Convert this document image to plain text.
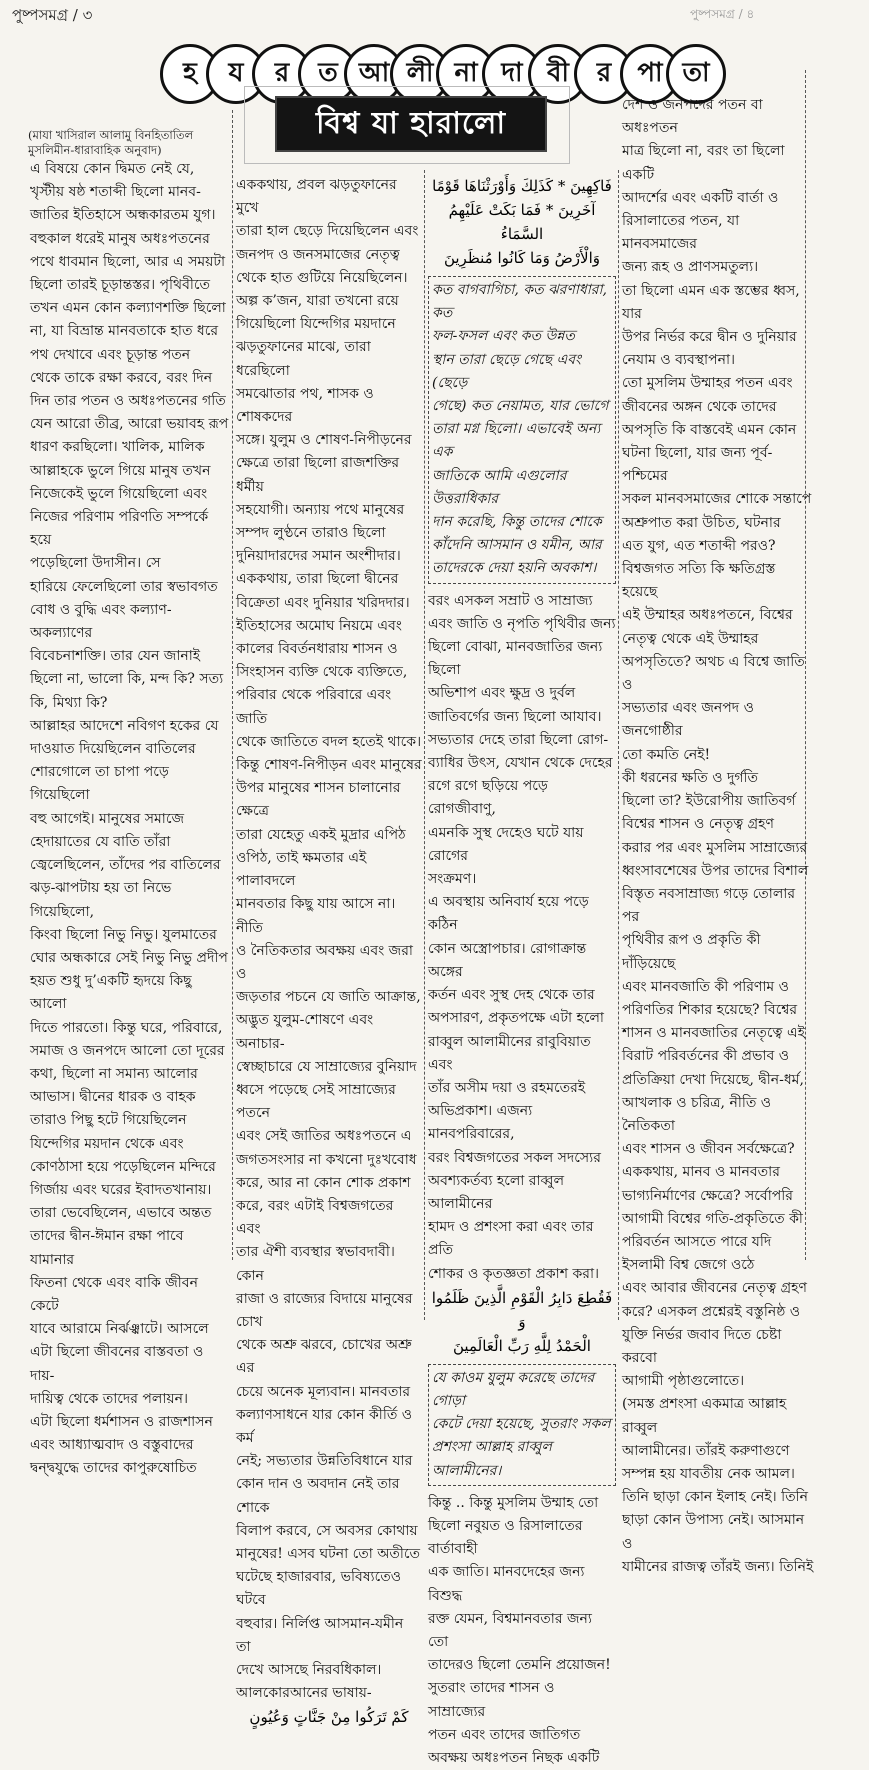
পুষ্পসমগ্র / ৩	পুষ্পসমগ্র / ৪
হ	য	র	ত আ লী না দা বী	র	পা তা
বিশ্ব যা হারালো
(মাযা খাসিরাল আলামু বিনহিতাতিল
মুসলিমীন-ধারাবাহিক অনুবাদ)

এ বিষয়ে কোন দ্বিমত নেই যে,
খৃস্টীয় ষষ্ঠ শতাব্দী ছিলো মানব-
জাতির ইতিহাসে অন্ধকারতম যুগ।
বহুকাল ধরেই মানুষ অধঃপতনের
পথে ধাবমান ছিলো, আর এ সময়টা
ছিলো তারই চূড়ান্তস্তর। পৃথিবীতে
তখন এমন কোন কল্যাণশক্তি ছিলো
না, যা বিভ্রান্ত মানবতাকে হাত ধরে
পথ দেখাবে এবং চূড়ান্ত পতন
থেকে তাকে রক্ষা করবে, বরং দিন
দিন তার পতন ও অধঃপতনের গতি
যেন আরো তীব্র, আরো ভয়াবহ রূপ
ধারণ করছিলো। খালিক, মালিক
আল্লাহকে ভুলে গিয়ে মানুষ তখন
নিজেকেই ভুলে গিয়েছিলো এবং
নিজের পরিণাম পরিণতি সম্পর্কে হয়ে
পড়েছিলো উদাসীন। সে
হারিয়ে ফেলেছিলো তার স্বভাবগত
বোধ ও বুদ্ধি এবং কল্যাণ-অকল্যাণের
বিবেচনাশক্তি। তার যেন জানাই
ছিলো না, ভালো কি, মন্দ কি? সত্য
কি, মিথ্যা কি?
আল্লাহর আদেশে নবিগণ হকের যে
দাওয়াত দিয়েছিলেন বাতিলের
শোরগোলে তা চাপা পড়ে গিয়েছিলো
বহু আগেই। মানুষের সমাজে
হেদায়াতের যে বাতি তাঁরা
জ্বেলেছিলেন, তাঁদের পর বাতিলের
ঝড়-ঝাপটায় হয় তা নিভে গিয়েছিলো,
কিংবা ছিলো নিভু নিভু। যুলমাতের
ঘোর অন্ধকারে সেই নিভু নিভু প্রদীপ
হয়ত শুধু দু’একটি হৃদয়ে কিছু আলো
দিতে পারতো। কিন্তু ঘরে, পরিবারে,
সমাজ ও জনপদে আলো তো দূরের
কথা, ছিলো না সমান্য আলোর
আভাস। দ্বীনের ধারক ও বাহক
তারাও পিছু হটে গিয়েছিলেন
যিন্দেগির ময়দান থেকে এবং
কোণঠাসা হয়ে পড়েছিলেন মন্দিরে
গির্জায় এবং ঘরের ইবাদতখানায়।
তারা ভেবেছিলেন, এভাবে অন্তত
তাদের দ্বীন-ঈমান রক্ষা পাবে যামানার
ফিতনা থেকে এবং বাকি জীবন কেটে
যাবে আরামে নির্ঝঞ্ঝাটে। আসলে
এটা ছিলো জীবনের বাস্তবতা ও দায়-
দায়িত্ব থেকে তাদের পলায়ন।
এটা ছিলো ধর্মশাসন ও রাজশাসন
এবং আধ্যাত্মবাদ ও বস্তুবাদের
দ্বন্দ্বযুদ্ধে তাদের কাপুরুষোচিত

এককথায়, প্রবল ঝড়তুফানের মুখে
তারা হাল ছেড়ে দিয়েছিলেন এবং
জনপদ ও জনসমাজের নেতৃত্ব
থেকে হাত গুটিয়ে নিয়েছিলেন।
অল্প ক’জন, যারা তখনো রয়ে
গিয়েছিলো যিন্দেগির ময়দানে
ঝড়তুফানের মাঝে, তারা ধরেছিলো
সমঝোতার পথ, শাসক ও শোষকদের
সঙ্গে। যুলুম ও শোষণ-নিপীড়নের
ক্ষেত্রে তারা ছিলো রাজশক্তির ধর্মীয়
সহযোগী। অন্যায় পথে মানুষের
সম্পদ লুণ্ঠনে তারাও ছিলো
দুনিয়াদারদের সমান অংশীদার।
এককথায়, তারা ছিলো দ্বীনের
বিক্রেতা এবং দুনিয়ার খরিদদার।
ইতিহাসের অমোঘ নিয়মে এবং
কালের বিবর্তনধারায় শাসন ও
সিংহাসন ব্যক্তি থেকে ব্যক্তিতে,
পরিবার থেকে পরিবারে এবং জাতি
থেকে জাতিতে বদল হতেই থাকে।
কিন্তু শোষণ-নিপীড়ন এবং মানুষের
উপর মানুষের শাসন চালানোর ক্ষেত্রে
তারা যেহেতু একই মুদ্রার এপিঠ
ওপিঠ, তাই ক্ষমতার এই পালাবদলে
মানবতার কিছু যায় আসে না। নীতি
ও নৈতিকতার অবক্ষয় এবং জরা ও
জড়তার পচনে যে জাতি আক্রান্ত,
অদ্ভুত যুলুম-শোষণে এবং অনাচার-
স্বেচ্ছাচারে যে সাম্রাজ্যের বুনিয়াদ
ধ্বসে পড়েছে সেই সাম্রাজ্যের পতনে
এবং সেই জাতির অধঃপতনে এ
জগতসংসার না কখনো দুঃখবোধ
করে, আর না কোন শোক প্রকাশ
করে, বরং এটাই বিশ্বজগতের এবং
তার ঐশী ব্যবস্থার স্বভাবদাবী। কোন
রাজা ও রাজ্যের বিদায়ে মানুষের চোখ
থেকে অশ্রু ঝরবে, চোখের অশ্রু এর
চেয়ে অনেক মূল্যবান। মানবতার
কল্যাণসাধনে যার কোন কীর্তি ও কর্ম
নেই; সভ্যতার উন্নতিবিধানে যার
কোন দান ও অবদান নেই তার শোকে
বিলাপ করবে, সে অবসর কোথায়
মানুষের! এসব ঘটনা তো অতীতে
ঘটেছে হাজারবার, ভবিষ্যতেও ঘটবে
বহুবার। নির্লিপ্ত আসমান-যমীন তা
দেখে আসছে নিরবধিকাল।
আলকোরআনের ভাষায়-

كَمْ تَرَكُوا مِنْ جَنَّاتٍ وَعُيُونٍ

فَاكِهِينَ * كَذَلِكَ وَأَوْرَثْنَاهَا قَوْمًا
آخَرِينَ * فَمَا بَكَتْ عَلَيْهِمُ السَّمَاءُ
وَالْأَرْضُ وَمَا كَانُوا مُنظَرِينَ

কত বাগবাগিচা, কত ঝরণাধারা, কত
ফল-ফসল এবং কত উন্নত
স্থান তারা ছেড়ে গেছে এবং (ছেড়ে
গেছে) কত নেয়ামত, যার ভোগে
তারা মগ্ন ছিলো। এভাবেই অন্য এক
জাতিকে আমি এগুলোর উত্তরাধিকার
দান করেছি, কিন্তু তাদের শোকে
কাঁদেনি আসমান ও যমীন, আর
তাদেরকে দেয়া হয়নি অবকাশ।

বরং এসকল সম্রাট ও সাম্রাজ্য
এবং জাতি ও নৃপতি পৃথিবীর জন্য
ছিলো বোঝা, মানবজাতির জন্য ছিলো
অভিশাপ এবং ক্ষুদ্র ও দুর্বল
জাতিবর্গের জন্য ছিলো আযাব।
সভ্যতার দেহে তারা ছিলো রোগ-
ব্যাধির উৎস, যেখান থেকে দেহের
রগে রগে ছড়িয়ে পড়ে রোগজীবাণু,
এমনকি সুস্থ দেহেও ঘটে যায় রোগের
সংক্রমণ।
এ অবস্থায় অনিবার্য হয়ে পড়ে কঠিন
কোন অস্ত্রোপচার। রোগাক্রান্ত অঙ্গের
কর্তন এবং সুস্থ দেহ থেকে তার
অপসারণ, প্রকৃতপক্ষে এটা হলো
রাব্বুল আলামীনের রাবুবিয়াত এবং
তাঁর অসীম দয়া ও রহমতেরই
অভিপ্রকাশ। এজন্য মানবপরিবারের,
বরং বিশ্বজগতের সকল সদস্যের
অবশ্যকর্তব্য হলো রাব্বুল আলামীনের
হামদ ও প্রশংসা করা এবং তার প্রতি
শোকর ও কৃতজ্ঞতা প্রকাশ করা।

فَقُطِعَ دَابِرُ الْقَوْمِ الَّذِينَ ظَلَمُوا وَ
الْحَمْدُ لِلَّهِ رَبِّ الْعَالَمِينَ

যে কাওম যুলুম করেছে তাদের গোড়া
কেটে দেয়া হয়েছে, সুতরাং সকল
প্রশংসা আল্লাহ রাব্বুল আলামীনের।

কিন্তু .. কিন্তু মুসলিম উম্মাহ তো
ছিলো নবুয়ত ও রিসালাতের বার্তাবাহী
এক জাতি। মানবদেহের জন্য বিশুদ্ধ
রক্ত যেমন, বিশ্বমানবতার জন্য তো
তাদেরও ছিলো তেমনি প্রয়োজন!
সুতরাং তাদের শাসন ও সাম্রাজ্যের
পতন এবং তাদের জাতিগত
অবক্ষয় অধঃপতন নিছক একটি

দেশ ও জনপদের পতন বা অধঃপতন
মাত্র ছিলো না, বরং তা ছিলো একটি
আদর্শের এবং একটি বার্তা ও
রিসালাতের পতন, যা মানবসমাজের
জন্য রূহ ও প্রাণসমতুল্য।
তা ছিলো এমন এক স্তম্ভের ধ্বস, যার
উপর নির্ভর করে দ্বীন ও দুনিয়ার
নেযাম ও ব্যবস্থাপনা।
তো মুসলিম উম্মাহর পতন এবং
জীবনের অঙ্গন থেকে তাদের
অপসৃতি কি বাস্তবেই এমন কোন
ঘটনা ছিলো, যার জন্য পূর্ব-পশ্চিমের
সকল মানবসমাজের শোকে সন্তাপে
অশ্রুপাত করা উচিত, ঘটনার
এত যুগ, এত শতাব্দী পরও?
বিশ্বজগত সত্যি কি ক্ষতিগ্রস্ত হয়েছে
এই উম্মাহর অধঃপতনে, বিশ্বের
নেতৃত্ব থেকে এই উম্মাহর
অপসৃতিতে? অথচ এ বিশ্বে জাতি ও
সভ্যতার এবং জনপদ ও জনগোষ্ঠীর
তো কমতি নেই!
কী ধরনের ক্ষতি ও দুর্গতি
ছিলো তা? ইউরোপীয় জাতিবর্গ
বিশ্বের শাসন ও নেতৃত্ব গ্রহণ
করার পর এবং মুসলিম সাম্রাজ্যের
ধ্বংসাবশেষের উপর তাদের বিশাল
বিস্তৃত নবসাম্রাজ্য গড়ে তোলার পর
পৃথিবীর রূপ ও প্রকৃতি কী দাঁড়িয়েছে
এবং মানবজাতি কী পরিণাম ও
পরিণতির শিকার হয়েছে? বিশ্বের
শাসন ও মানবজাতির নেতৃত্বে এই
বিরাট পরিবর্তনের কী প্রভাব ও
প্রতিক্রিয়া দেখা দিয়েছে, দ্বীন-ধর্ম,
আখলাক ও চরিত্র, নীতি ও নৈতিকতা
এবং শাসন ও জীবন সর্বক্ষেত্রে?
এককথায়, মানব ও মানবতার
ভাগ্যনির্মাণের ক্ষেত্রে? সর্বোপরি
আগামী বিশ্বের গতি-প্রকৃতিতে কী
পরিবর্তন আসতে পারে যদি
ইসলামী বিশ্ব জেগে ওঠে
এবং আবার জীবনের নেতৃত্ব গ্রহণ
করে? এসকল প্রশ্নেরই বস্তুনিষ্ঠ ও
যুক্তি নির্ভর জবাব দিতে চেষ্টা করবো
আগামী পৃষ্ঠাগুলোতে।
(সমস্ত প্রশংসা একমাত্র আল্লাহ রাব্বুল
আলামীনের। তাঁরই করুণাগুণে
সম্পন্ন হয় যাবতীয় নেক আমল।
তিনি ছাড়া কোন ইলাহ নেই। তিনি
ছাড়া কোন উপাস্য নেই। আসমান ও
যামীনের রাজত্ব তাঁরই জন্য। তিনিই
